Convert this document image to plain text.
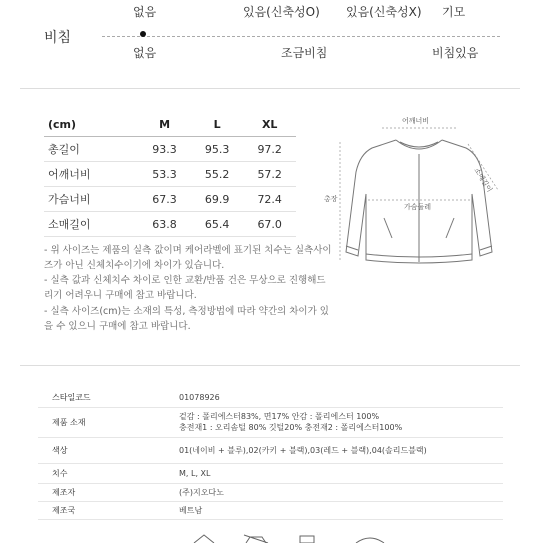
없음	있음(신축성O) 있음(신축성X) 기모
비침
없음	조금비침	비침있음
(cm)	M	L	XL
총길이	93.3	95.3	97.2
어깨너비	53.3	55.2	57.2
가슴너비	67.3	69.9	72.4
소매길이	63.8	65.4	67.0
- 위 사이즈는 제품의 실측 값이며 케어라벨에 표기된 치수는 실측사이즈가 아닌 신체치수이기에 차이가 있습니다.
- 실측 값과 신체치수 차이로 인한 교환/반품 건은 무상으로 진행해드리기 어려우니 구매에 참고 바랍니다.
- 실측 사이즈(cm)는 소재의 특성, 측정방법에 따라 약간의 차이가 있을 수 있으니 구매에 참고 바랍니다.
어깨너비
소매길이
총장
가슴둘레
스타일코드	01078926
제품 소재	겉감 : 폴리에스터83%, 면17% 안감 : 폴리에스터 100%
충전재1 : 오리솜털 80% 깃털20% 충전재2 : 폴리에스터100%

색상	01(네이비 + 블루),02(카키 + 블랙),03(레드 + 블랙),04(솔리드블랙)
치수	M, L, XL
제조자	(주)지오다노
제조국	베트남
